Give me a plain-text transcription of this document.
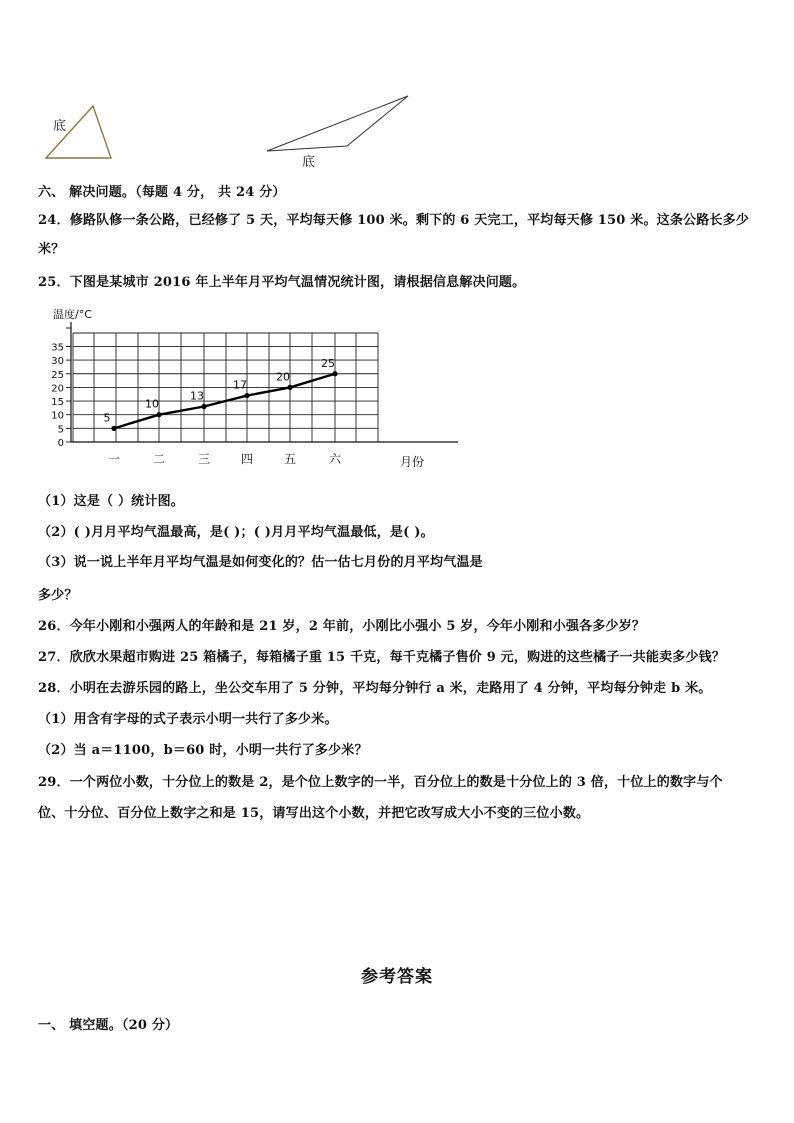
底
底
六、 解决问题。（每题 4 分， 共 24 分）
24．修路队修一条公路，已经修了 5 天，平均每天修 100 米。剩下的 6 天完工，平均每天修 150 米。这条公路长多少
米？
25．下图是某城市 2016 年上半年月平均气温情况统计图，请根据信息解决问题。
0
5
10
15
20
25
30
35
温度/°C
月份
一	二	三	四	五	六
5
10
13
17
20
25
（1）这是（ ）统计图。
（2）( )月月平均气温最高，是( )；( )月月平均气温最低，是( )。
（3）说一说上半年月平均气温是如何变化的？估一估七月份的月平均气温是
多少？
26．今年小刚和小强两人的年龄和是 21 岁，2 年前，小刚比小强小 5 岁，今年小刚和小强各多少岁？
27．欣欣水果超市购进 25 箱橘子，每箱橘子重 15 千克，每千克橘子售价 9 元，购进的这些橘子一共能卖多少钱？
28．小明在去游乐园的路上，坐公交车用了 5 分钟，平均每分钟行 a 米，走路用了 4 分钟，平均每分钟走 b 米。
（1）用含有字母的式子表示小明一共行了多少米。
（2）当 a＝1100，b＝60 时，小明一共行了多少米？
29．一个两位小数，十分位上的数是 2，是个位上数字的一半，百分位上的数是十分位上的 3 倍，十位上的数字与个
位、十分位、百分位上数字之和是 15，请写出这个小数，并把它改写成大小不变的三位小数。
参考答案
一、 填空题。（20 分）
